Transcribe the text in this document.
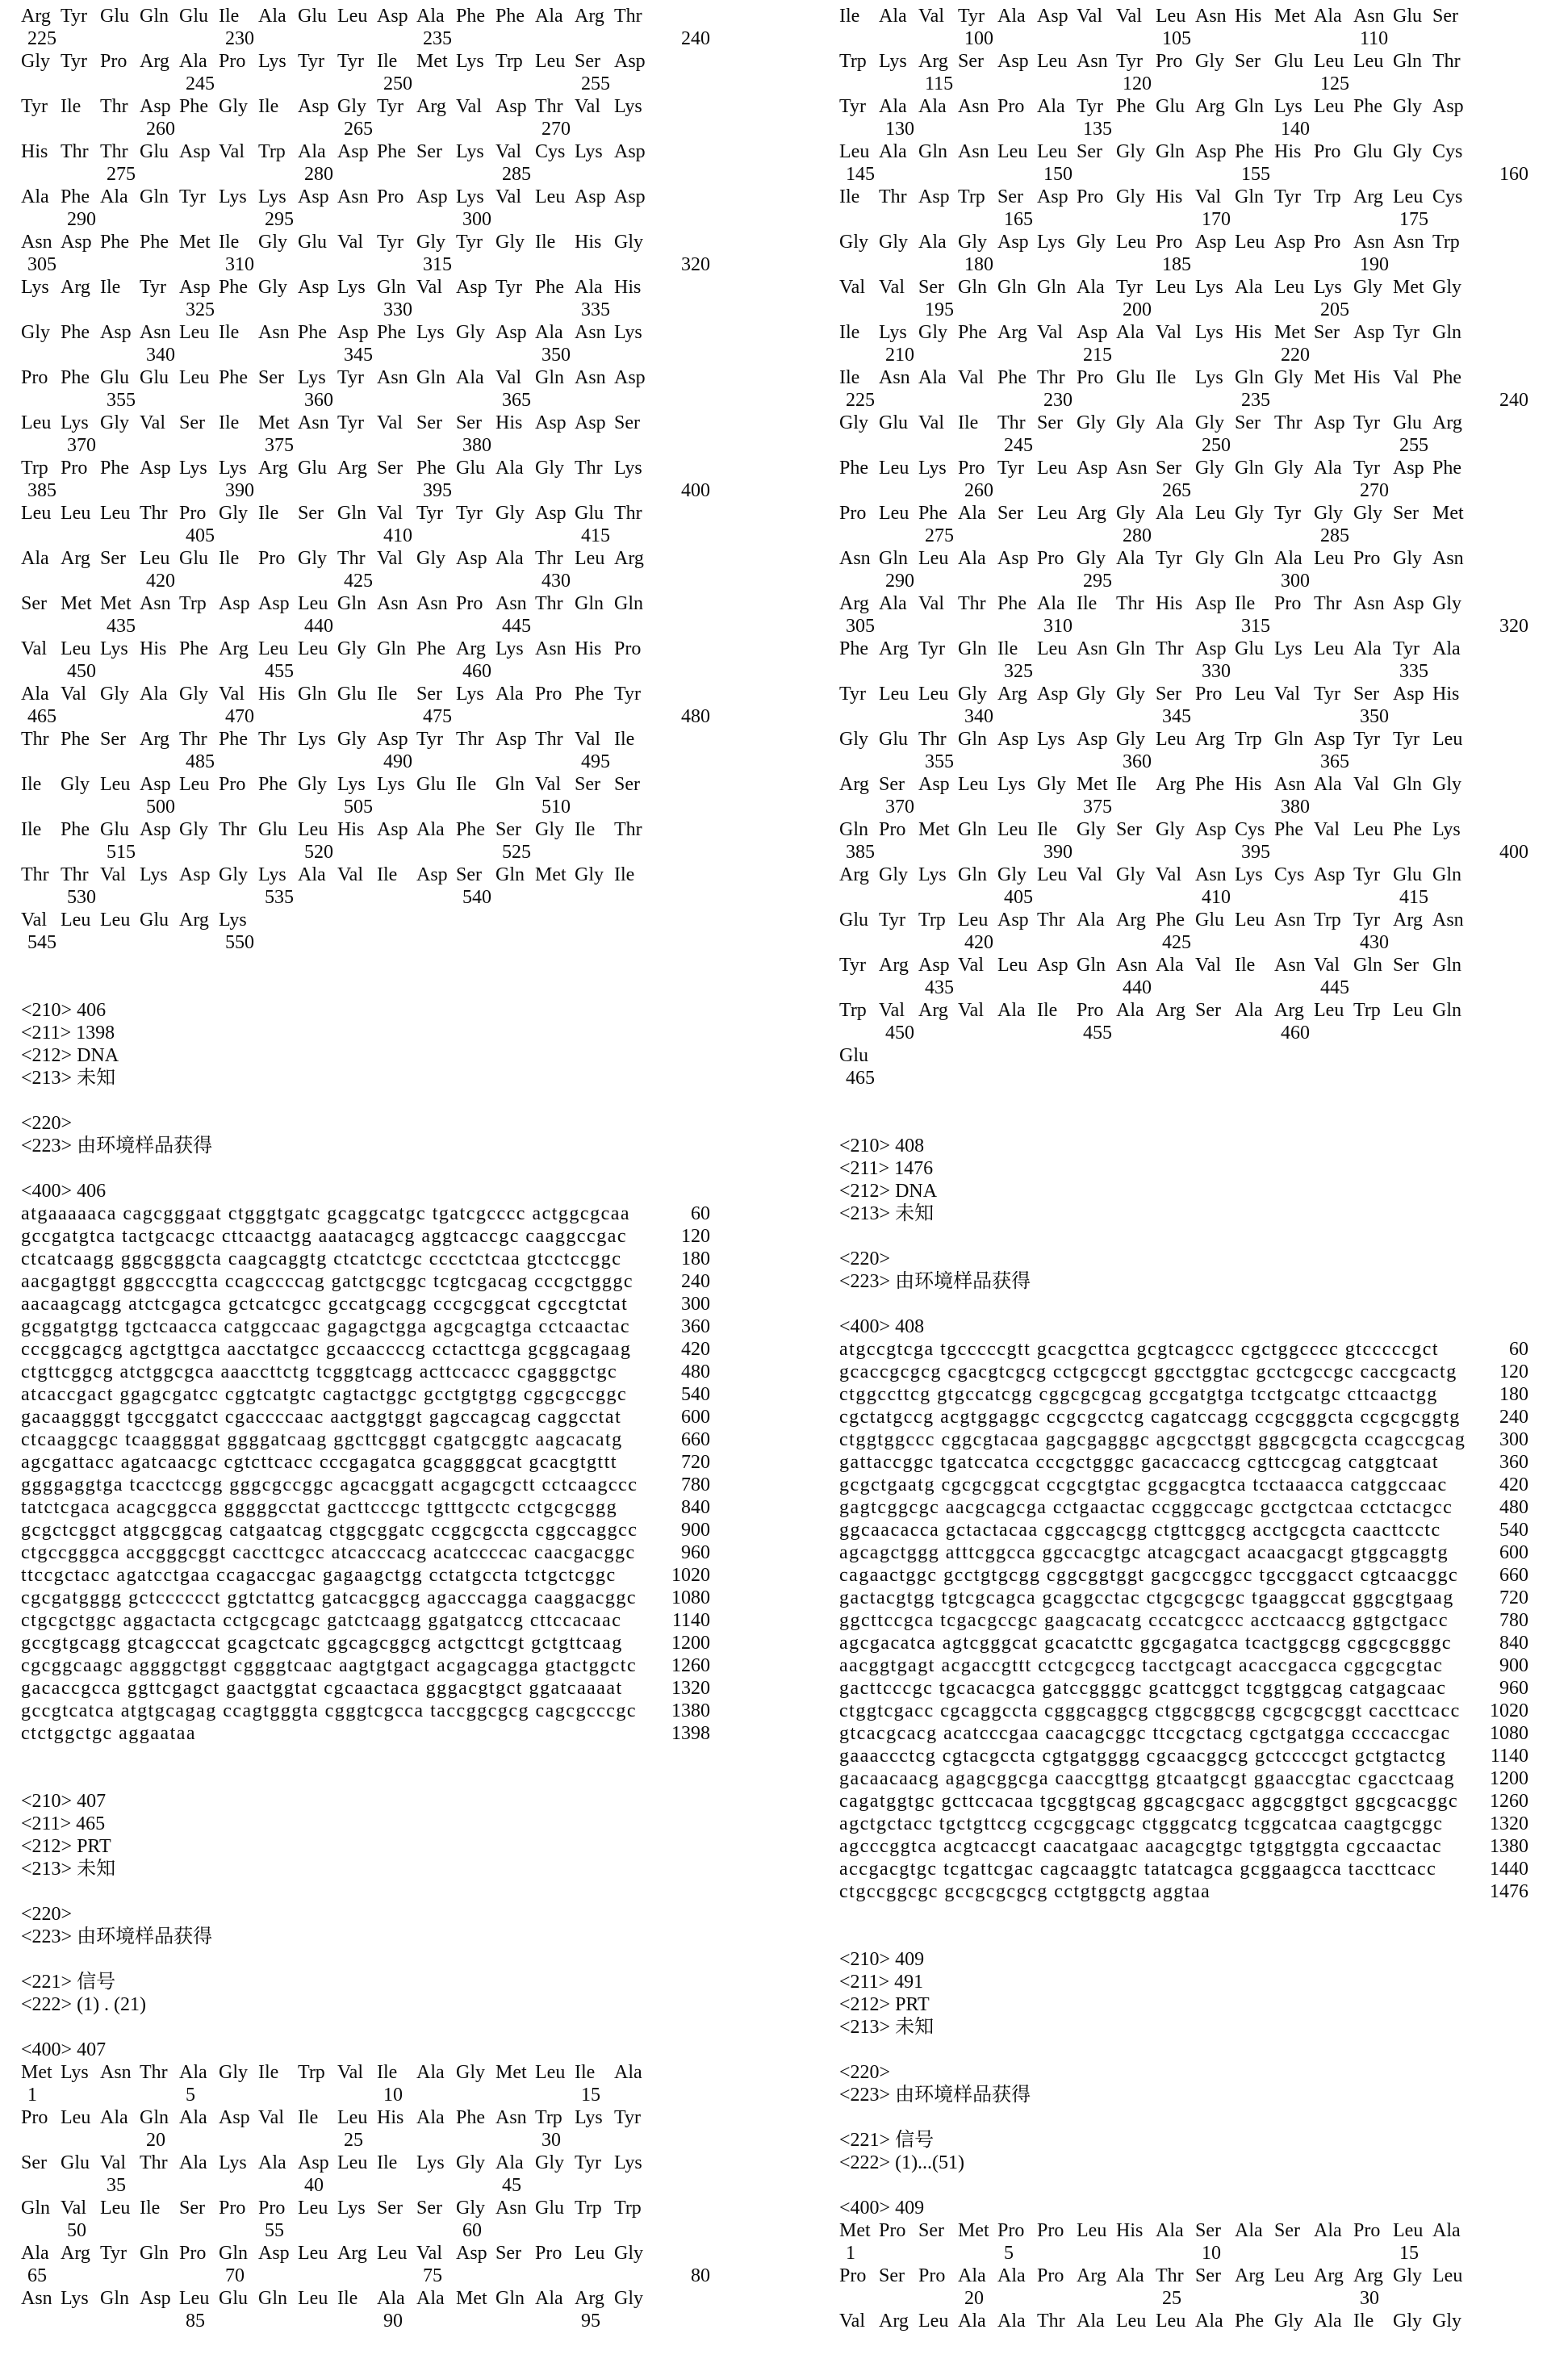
Arg Tyr Glu Gln Glu Ile Ala Glu Leu Asp Ala Phe Phe Ala Arg Thr
225	230	235	240
Gly Tyr Pro Arg Ala Pro Lys Tyr Tyr Ile Met Lys Trp Leu Ser Asp
245	250	255
Tyr Ile Thr Asp Phe Gly Ile Asp Gly Tyr Arg Val Asp Thr Val Lys
260	265	270
His Thr Thr Glu Asp Val Trp Ala Asp Phe Ser Lys Val Cys Lys Asp
275	280	285
Ala Phe Ala Gln Tyr Lys Lys Asp Asn Pro Asp Lys Val Leu Asp Asp
290	295	300
Asn Asp Phe Phe Met Ile Gly Glu Val Tyr Gly Tyr Gly Ile His Gly
305	310	315	320
Lys Arg Ile Tyr Asp Phe Gly Asp Lys Gln Val Asp Tyr Phe Ala His
325	330	335
Gly Phe Asp Asn Leu Ile Asn Phe Asp Phe Lys Gly Asp Ala Asn Lys
340	345	350
Pro Phe Glu Glu Leu Phe Ser Lys Tyr Asn Gln Ala Val Gln Asn Asp
355	360	365
Leu Lys Gly Val Ser Ile Met Asn Tyr Val Ser Ser His Asp Asp Ser
370	375	380
Trp Pro Phe Asp Lys Lys Arg Glu Arg Ser Phe Glu Ala Gly Thr Lys
385	390	395	400
Leu Leu Leu Thr Pro Gly Ile Ser Gln Val Tyr Tyr Gly Asp Glu Thr
405	410	415
Ala Arg Ser Leu Glu Ile Pro Gly Thr Val Gly Asp Ala Thr Leu Arg
420	425	430
Ser Met Met Asn Trp Asp Asp Leu Gln Asn Asn Pro Asn Thr Gln Gln
435	440	445
Val Leu Lys His Phe Arg Leu Leu Gly Gln Phe Arg Lys Asn His Pro
450	455	460
Ala Val Gly Ala Gly Val His Gln Glu Ile Ser Lys Ala Pro Phe Tyr
465	470	475	480
Thr Phe Ser Arg Thr Phe Thr Lys Gly Asp Tyr Thr Asp Thr Val Ile
485	490	495
Ile Gly Leu Asp Leu Pro Phe Gly Lys Lys Glu Ile Gln Val Ser Ser
500	505	510
Ile Phe Glu Asp Gly Thr Glu Leu His Asp Ala Phe Ser Gly Ile Thr
515	520	525
Thr Thr Val Lys Asp Gly Lys Ala Val Ile Asp Ser Gln Met Gly Ile
530	535	540
Val Leu Leu Glu Arg Lys
545	550
<210> 406
<211> 1398
<212> DNA
<213> 未知
<220>
<223> 由环境样品获得
<400> 406
atgaaaaaca cagcgggaat ctgggtgatc gcaggcatgc tgatcgcccc actggcgcaa	60
gccgatgtca tactgcacgc cttcaactgg aaatacagcg aggtcaccgc caaggccgac	120
ctcatcaagg gggcgggcta caagcaggtg ctcatctcgc cccctctcaa gtcctccggc	180
aacgagtggt gggcccgtta ccagccccag gatctgcggc tcgtcgacag cccgctgggc 240
aacaagcagg atctcgagca gctcatcgcc gccatgcagg cccgcggcat cgccgtctat	300
gcggatgtgg tgctcaacca catggccaac gagagctgga agcgcagtga cctcaactac	360
cccggcagcg agctgttgca aacctatgcc gccaaccccg cctacttcga gcggcagaag	420
ctgttcggcg atctggcgca aaaccttctg tcgggtcagg acttccaccc cgagggctgc	480
atcaccgact ggagcgatcc cggtcatgtc cagtactggc gcctgtgtgg cggcgccggc	540
gacaaggggt tgccggatct cgaccccaac aactggtggt gagccagcag caggcctat	600
ctcaaggcgc tcaaggggat ggggatcaag ggcttcgggt cgatgcggtc aagcacatg	660
agcgattacc agatcaacgc cgtcttcacc cccgagatca gcaggggcat gcacgtgttt	720
ggggaggtga tcacctccgg gggcgccggc agcacggatt acgagcgctt cctcaagccc 780
tatctcgaca acagcggcca gggggcctat gacttcccgc tgtttgcctc cctgcgcggg	840
gcgctcggct atggcggcag catgaatcag ctggcggatc ccggcgccta cggccaggcc 900
ctgccgggca accgggcggt caccttcgcc atcacccacg acatccccac caacgacggc 960
ttccgctacc agatcctgaa ccagaccgac gagaagctgg cctatgccta tctgctcggc	1020
cgcgatgggg gctcccccct ggtctattcg gatcacggcg agacccagga caaggacggc 1080
ctgcgctggc aggactacta cctgcgcagc gatctcaagg ggatgatccg cttccacaac	1140
gccgtgcagg gtcagcccat gcagctcatc ggcagcggcg actgcttcgt gctgttcaag	1200
cgcggcaagc aggggctggt cggggtcaac aagtgtgact acgagcagga gtactggctc 1260
gacaccgcca ggttcgagct gaactggtat cgcaactaca gggacgtgct ggatcaaaat	1320
gccgtcatca atgtgcagag ccagtgggta cgggtcgcca taccggcgcg cagcgcccgc 1380
ctctggctgc aggaataa	1398
<210> 407
<211> 465
<212> PRT
<213> 未知
<220>
<223> 由环境样品获得
<221> 信号
<222> (1) . (21)
<400> 407
Met Lys Asn Thr Ala Gly Ile Trp Val Ile Ala Gly Met Leu Ile Ala
1	5	10	15
Pro Leu Ala Gln Ala Asp Val Ile Leu His Ala Phe Asn Trp Lys Tyr
20	25	30
Ser Glu Val Thr Ala Lys Ala Asp Leu Ile Lys Gly Ala Gly Tyr Lys
35	40	45
Gln Val Leu Ile Ser Pro Pro Leu Lys Ser Ser Gly Asn Glu Trp Trp
50	55	60
Ala Arg Tyr Gln Pro Gln Asp Leu Arg Leu Val Asp Ser Pro Leu Gly
65	70	75	80
Asn Lys Gln Asp Leu Glu Gln Leu Ile Ala Ala Met Gln Ala Arg Gly
85	90	95
Ile Ala Val Tyr Ala Asp Val Val Leu Asn His Met Ala Asn Glu Ser
100	105	110
Trp Lys Arg Ser Asp Leu Asn Tyr Pro Gly Ser Glu Leu Leu Gln Thr
115	120	125
Tyr Ala Ala Asn Pro Ala Tyr Phe Glu Arg Gln Lys Leu Phe Gly Asp
130	135	140
Leu Ala Gln Asn Leu Leu Ser Gly Gln Asp Phe His Pro Glu Gly Cys
145	150	155	160
Ile Thr Asp Trp Ser Asp Pro Gly His Val Gln Tyr Trp Arg Leu Cys
165	170	175
Gly Gly Ala Gly Asp Lys Gly Leu Pro Asp Leu Asp Pro Asn Asn Trp
180	185	190
Val Val Ser Gln Gln Gln Ala Tyr Leu Lys Ala Leu Lys Gly Met Gly
195	200	205
Ile Lys Gly Phe Arg Val Asp Ala Val Lys His Met Ser Asp Tyr Gln
210	215	220
Ile Asn Ala Val Phe Thr Pro Glu Ile Lys Gln Gly Met His Val Phe
225	230	235	240
Gly Glu Val Ile Thr Ser Gly Gly Ala Gly Ser Thr Asp Tyr Glu Arg
245	250	255
Phe Leu Lys Pro Tyr Leu Asp Asn Ser Gly Gln Gly Ala Tyr Asp Phe
260	265	270
Pro Leu Phe Ala Ser Leu Arg Gly Ala Leu Gly Tyr Gly Gly Ser Met
275	280	285
Asn Gln Leu Ala Asp Pro Gly Ala Tyr Gly Gln Ala Leu Pro Gly Asn
290	295	300
Arg Ala Val Thr Phe Ala Ile Thr His Asp Ile Pro Thr Asn Asp Gly
305	310	315	320
Phe Arg Tyr Gln Ile Leu Asn Gln Thr Asp Glu Lys Leu Ala Tyr Ala
325	330	335
Tyr Leu Leu Gly Arg Asp Gly Gly Ser Pro Leu Val Tyr Ser Asp His
340	345	350
Gly Glu Thr Gln Asp Lys Asp Gly Leu Arg Trp Gln Asp Tyr Tyr Leu
355	360	365
Arg Ser Asp Leu Lys Gly Met Ile Arg Phe His Asn Ala Val Gln Gly
370	375	380
Gln Pro Met Gln Leu Ile Gly Ser Gly Asp Cys Phe Val Leu Phe Lys
385	390	395	400
Arg Gly Lys Gln Gly Leu Val Gly Val Asn Lys Cys Asp Tyr Glu Gln
405	410	415
Glu Tyr Trp Leu Asp Thr Ala Arg Phe Glu Leu Asn Trp Tyr Arg Asn
420	425	430
Tyr Arg Asp Val Leu Asp Gln Asn Ala Val Ile Asn Val Gln Ser Gln
435	440	445
Trp Val Arg Val Ala Ile Pro Ala Arg Ser Ala Arg Leu Trp Leu Gln
450	455	460
Glu
465
<210> 408
<211> 1476
<212> DNA
<213> 未知
<220>
<223> 由环境样品获得
<400> 408
atgccgtcga tgcccccgtt gcacgcttca gcgtcagccc cgctggcccc gtcccccgct	60
gcaccgcgcg cgacgtcgcg cctgcgccgt ggcctggtac gcctcgccgc caccgcactg 120
ctggccttcg gtgccatcgg cggcgcgcag gccgatgtga tcctgcatgc cttcaactgg	180
cgctatgccg acgtggaggc ccgcgcctcg cagatccagg ccgcgggcta ccgcgcggtg 240
ctggtggccc cggcgtacaa gagcgagggc agcgcctggt gggcgcgcta ccagccgcag 300
gattaccggc tgatccatca cccgctgggc gacaccaccg cgttccgcag catggtcaat	360
gcgctgaatg cgcgcggcat ccgcgtgtac gcggacgtca tcctaaacca catggccaac	420
gagtcggcgc aacgcagcga cctgaactac ccgggccagc gcctgctcaa cctctacgcc 480
ggcaacacca gctactacaa cggccagcgg ctgttcggcg acctgcgcta caacttcctc	540
agcagctggg atttcggcca ggccacgtgc atcagcgact acaacgacgt gtggcaggtg	600
cagaactggc gcctgtgcgg cggcggtggt gacgccggcc tgccggacct cgtcaacggc 660
gactacgtgg tgtcgcagca gcaggcctac ctgcgcgcgc tgaaggccat gggcgtgaag 720
ggcttccgca tcgacgccgc gaagcacatg cccatcgccc acctcaaccg ggtgctgacc	780
agcgacatca agtcgggcat gcacatcttc ggcgagatca tcactggcgg cggcgcgggc 840
aacggtgagt acgaccgttt cctcgcgccg tacctgcagt acaccgacca cggcgcgtac	900
gacttcccgc tgcacacgca gatccggggc gcattcggct tcggtggcag catgagcaac	960
ctggtcgacc cgcaggccta cgggcaggcg ctggcggcgg cgcgcgcggt caccttcacc 1020
gtcacgcacg acatcccgaa caacagcggc ttccgctacg cgctgatgga ccccaccgac 1080
gaaaccctcg cgtacgccta cgtgatgggg cgcaacggcg gctccccgct gctgtactcg 1140
gacaacaacg agagcggcga caaccgttgg gtcaatgcgt ggaaccgtac cgacctcaag 1200
cagatggtgc gcttccacaa tgcggtgcag ggcagcgacc aggcggtgct ggcgcacggc 1260
agctgctacc tgctgttccg ccgcggcagc ctgggcatcg tcggcatcaa caagtgcggc 1320
agcccggtca acgtcaccgt caacatgaac aacagcgtgc tgtggtggta cgccaactac 1380
accgacgtgc tcgattcgac cagcaaggtc tatatcagca gcggaagcca taccttcacc	1440
ctgccggcgc gccgcgcgcg cctgtggctg aggtaa	1476
<210> 409
<211> 491
<212> PRT
<213> 未知
<220>
<223> 由环境样品获得
<221> 信号
<222> (1)...(51)
<400> 409
Met Pro Ser Met Pro Pro Leu His Ala Ser Ala Ser Ala Pro Leu Ala
1	5	10	15
Pro Ser Pro Ala Ala Pro Arg Ala Thr Ser Arg Leu Arg Arg Gly Leu
20	25	30
Val Arg Leu Ala Ala Thr Ala Leu Leu Ala Phe Gly Ala Ile Gly Gly
